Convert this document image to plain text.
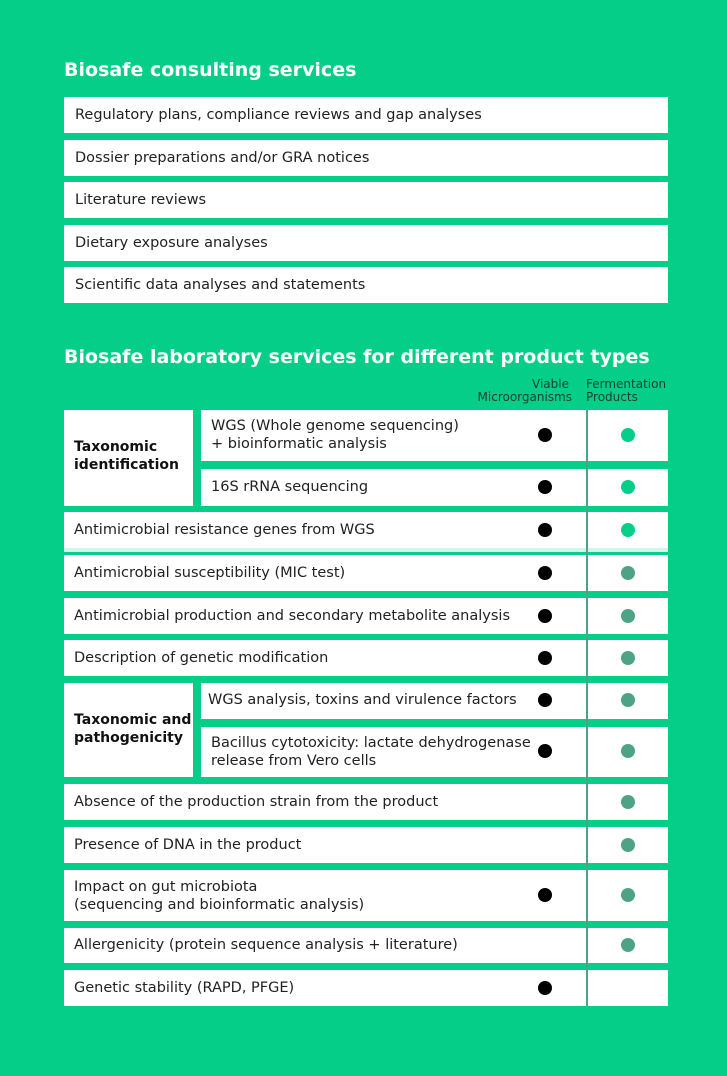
Biosafe consulting services
Regulatory plans, compliance reviews and gap analyses
Dossier preparations and/or GRA notices
Literature reviews
Dietary exposure analyses
Scientific data analyses and statements
Biosafe laboratory services for different product types
Viable
Microorganisms
Fermentation
Products
Taxonomic
identification
WGS (Whole genome sequencing)
+ bioinformatic analysis
16S rRNA sequencing
Antimicrobial resistance genes from WGS
Antimicrobial susceptibility (MIC test)
Antimicrobial production and secondary metabolite analysis
Description of genetic modification
Taxonomic and
pathogenicity
WGS analysis, toxins and virulence factors
Bacillus cytotoxicity: lactate dehydrogenase
release from Vero cells
Absence of the production strain from the product
Presence of DNA in the product
Impact on gut microbiota
(sequencing and bioinformatic analysis)
Allergenicity (protein sequence analysis + literature)
Genetic stability (RAPD, PFGE)
